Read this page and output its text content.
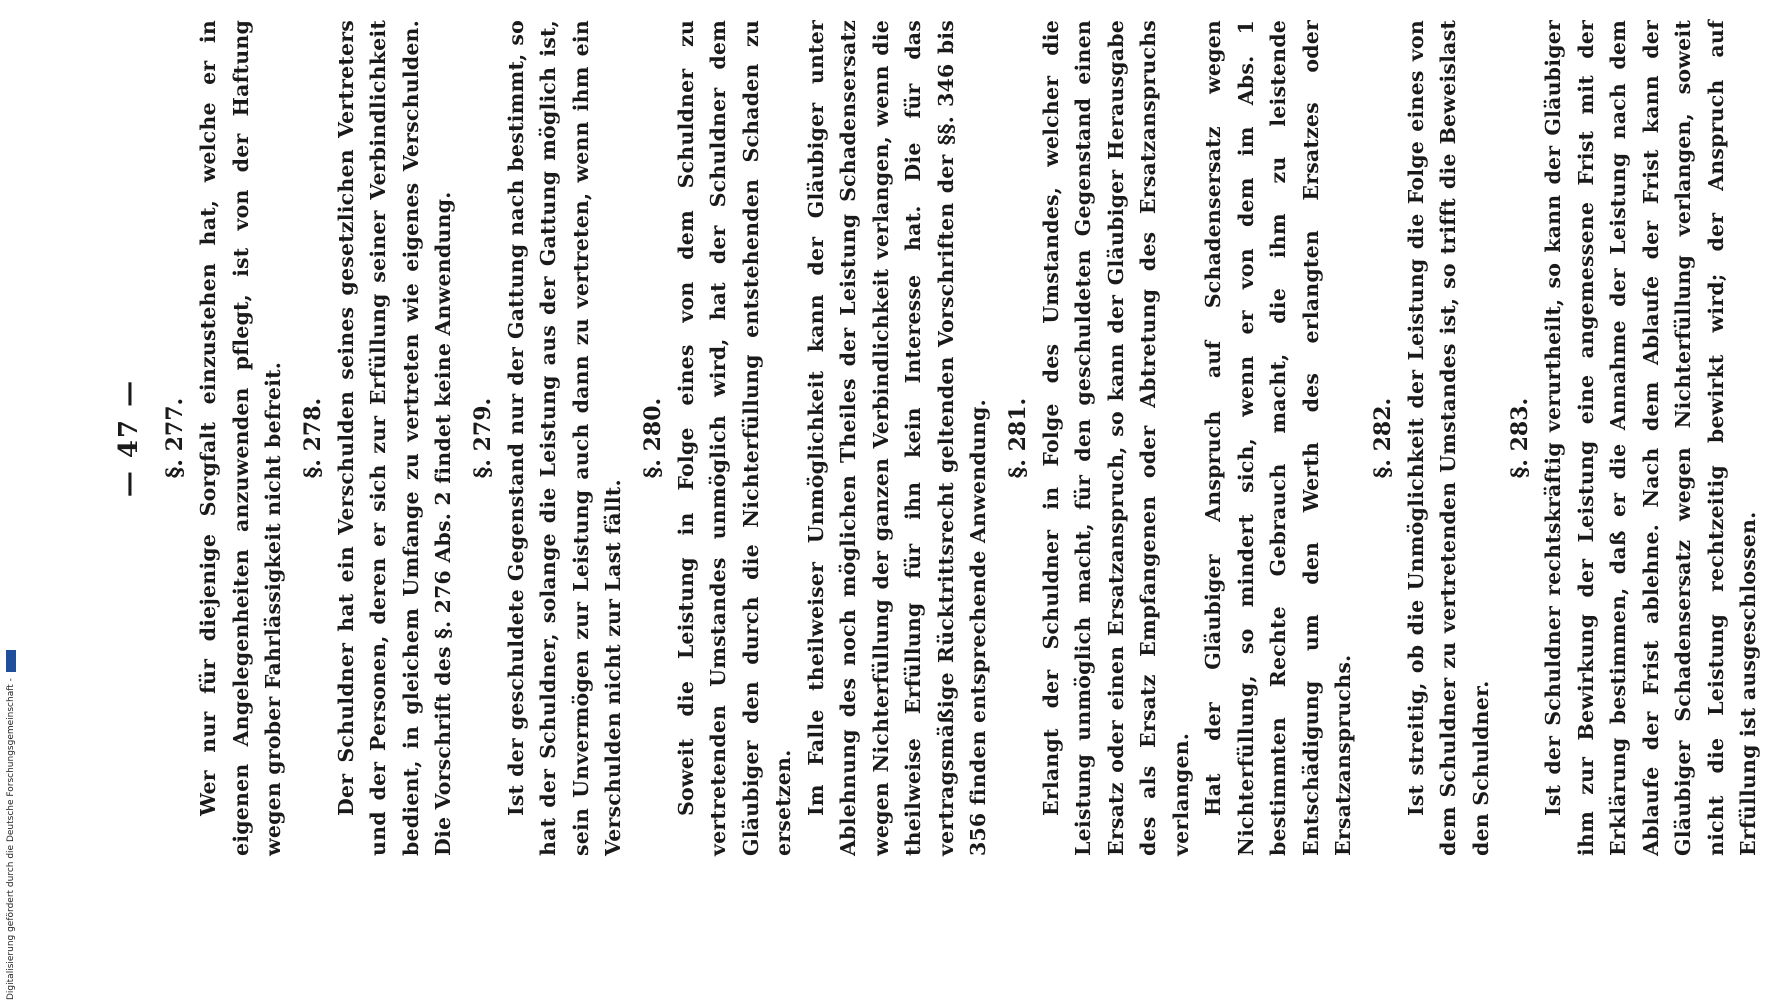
Digitalisierung gefördert durch die Deutsche Forschungsgemeinschaft -
— 47 — §. 277. Wer nur für diejenige Sorgfalt einzustehen hat, welche er in eigenen Angelegenheiten anzuwenden pflegt, ist von der Haftung wegen grober Fahrlässigkeit nicht befreit. §. 278. Der Schuldner hat ein Verschulden seines gesetzlichen Vertreters und der Personen, deren er sich zur Erfüllung seiner Verbindlichkeit bedient, in gleichem Umfange zu vertreten wie eigenes Verschulden. Die Vorschrift des §. 276 Abs. 2 findet keine Anwendung. §. 279. Ist der geschuldete Gegenstand nur der Gattung nach bestimmt, so hat der Schuldner, solange die Leistung aus der Gattung möglich ist, sein Unvermögen zur Leistung auch dann zu vertreten, wenn ihm ein Verschulden nicht zur Last fällt.

§. 280. Soweit die Leistung in Folge eines von dem Schuldner zu vertretenden Umstandes unmöglich wird, hat der Schuldner dem Gläubiger den durch die Nichterfüllung entstehenden Schaden zu ersetzen. Im Falle theilweiser Unmöglichkeit kann der Gläubiger unter Ablehnung des noch möglichen Theiles der Leistung Schadensersatz wegen Nichterfüllung der ganzen Verbindlichkeit verlangen, wenn die theilweise Erfüllung für ihn kein Interesse hat. Die für das vertragsmäßige Rücktrittsrecht geltenden Vorschriften der §§. 346 bis 356 finden entsprechende Anwendung. §. 281. Erlangt der Schuldner in Folge des Umstandes, welcher die Leistung unmöglich macht, für den geschuldeten Gegenstand einen Ersatz oder einen Ersatzanspruch, so kann der Gläubiger Herausgabe des als Ersatz Empfangenen oder Abtretung des Ersatzanspruchs verlangen. Hat der Gläubiger Anspruch auf Schadensersatz wegen Nichterfüllung, so mindert sich, wenn er von dem im Abs. 1 bestimmten Rechte Gebrauch macht, die ihm zu leistende Entschädigung um den Werth des erlangten Ersatzes oder Ersatzanspruchs.

§. 282. Ist streitig, ob die Unmöglichkeit der Leistung die Folge eines von dem Schuldner zu vertretenden Umstandes ist, so trifft die Beweislast den Schuldner.

§. 283. Ist der Schuldner rechtskräftig verurtheilt, so kann der Gläubiger ihm zur Bewirkung der Leistung eine angemessene Frist mit der Erklärung bestimmen, daß er die Annahme der Leistung nach dem Ablaufe der Frist ablehne. Nach dem Ablaufe der Frist kann der Gläubiger Schadensersatz wegen Nichterfüllung verlangen, soweit nicht die Leistung rechtzeitig bewirkt wird; der Anspruch auf Erfüllung ist ausgeschlossen.
